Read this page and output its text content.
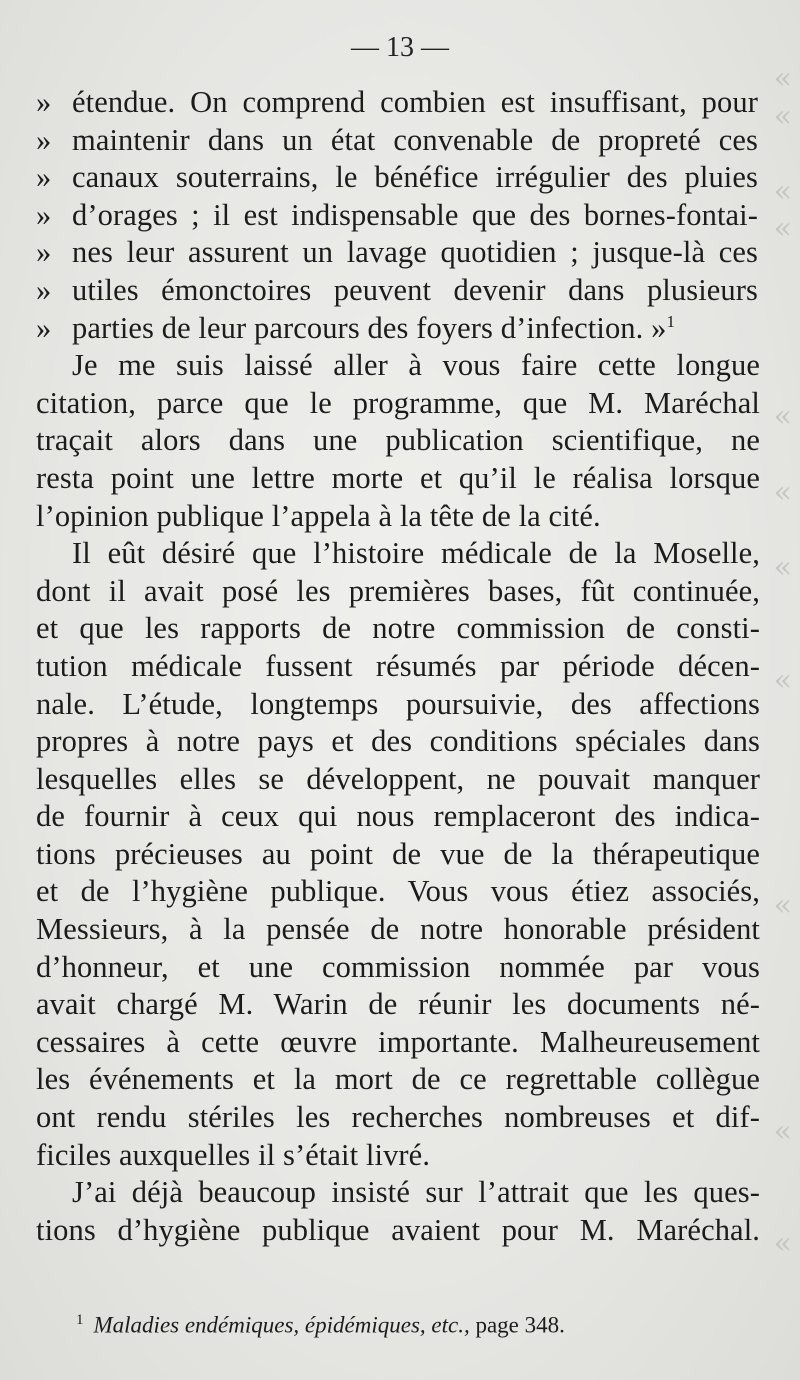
«
«

«
«

«

«

«

«

«

«

«
— 13 —
» étendue. On comprend combien est insuffisant, pour
» maintenir dans un état convenable de propreté ces
» canaux souterrains, le bénéfice irrégulier des pluies
» d’orages ; il est indispensable que des bornes-fontai-
» nes leur assurent un lavage quotidien ; jusque-là ces
» utiles émonctoires peuvent devenir dans plusieurs
» parties de leur parcours des foyers d’infection. »$^1$
Je me suis laissé aller à vous faire cette longue
citation, parce que le programme, que M. Maréchal
traçait alors dans une publication scientifique, ne
resta point une lettre morte et qu’il le réalisa lorsque
l’opinion publique l’appela à la tête de la cité.
Il eût désiré que l’histoire médicale de la Moselle,
dont il avait posé les premières bases, fût continuée,
et que les rapports de notre commission de consti-
tution médicale fussent résumés par période décen-
nale. L’étude, longtemps poursuivie, des affections
propres à notre pays et des conditions spéciales dans
lesquelles elles se développent, ne pouvait manquer
de fournir à ceux qui nous remplaceront des indica-
tions précieuses au point de vue de la thérapeutique
et de l’hygiène publique. Vous vous étiez associés,
Messieurs, à la pensée de notre honorable président
d’honneur, et une commission nommée par vous
avait chargé M. Warin de réunir les documents né-
cessaires à cette œuvre importante. Malheureusement
les événements et la mort de ce regrettable collègue
ont rendu stériles les recherches nombreuses et dif-
ficiles auxquelles il s’était livré.
J’ai déjà beaucoup insisté sur l’attrait que les ques-
tions d’hygiène publique avaient pour M. Maréchal.
$^1$ Maladies endémiques, épidémiques, etc., page 348.
